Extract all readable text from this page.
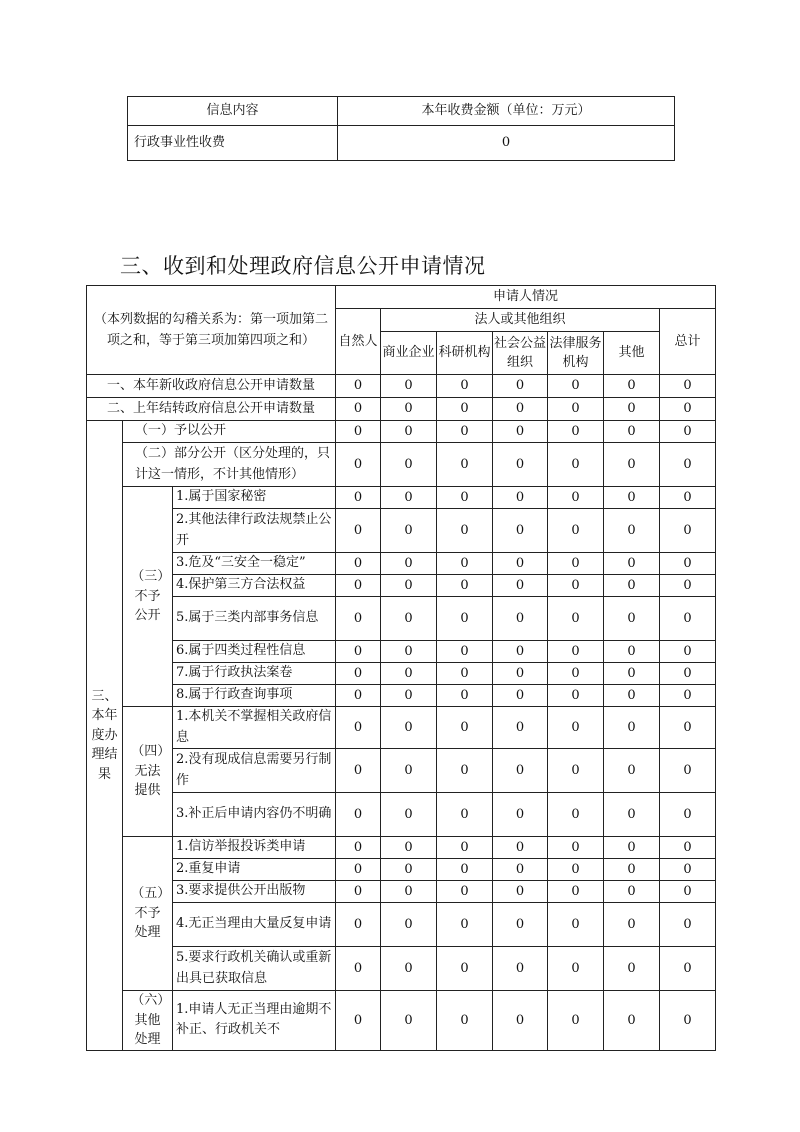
信息内容	本年收费金额（单位：万元）
行政事业性收费	0
三、收到和处理政府信息公开申请情况
（本列数据的勾稽关系为：第一项加第二项之和，等于第三项加第四项之和）			申请人情况						
			自然人	法人或其他组织					总计
				商业企业	科研机构	社会公益组织	法律服务机构	其他	
一、本年新收政府信息公开申请数量			0	0	0	0	0	0	0
二、上年结转政府信息公开申请数量			0	0	0	0	0	0	0
三、本年度办理结果	（一）予以公开		0	0	0	0	0	0	0
	（二）部分公开（区分处理的，只计这一情形，不计其他情形）		0	0	0	0	0	0	0
	（三）不予公开	1.属于国家秘密	0	0	0	0	0	0	0
		2.其他法律行政法规禁止公开	0	0	0	0	0	0	0
		3.危及“三安全一稳定”	0	0	0	0	0	0	0
		4.保护第三方合法权益	0	0	0	0	0	0	0
		5.属于三类内部事务信息	0	0	0	0	0	0	0
		6.属于四类过程性信息	0	0	0	0	0	0	0
		7.属于行政执法案卷	0	0	0	0	0	0	0
		8.属于行政查询事项	0	0	0	0	0	0	0
	（四）无法提供	1.本机关不掌握相关政府信息	0	0	0	0	0	0	0
		2.没有现成信息需要另行制作	0	0	0	0	0	0	0
		3.补正后申请内容仍不明确	0	0	0	0	0	0	0
	（五）不予处理	1.信访举报投诉类申请	0	0	0	0	0	0	0
		2.重复申请	0	0	0	0	0	0	0
		3.要求提供公开出版物	0	0	0	0	0	0	0
		4.无正当理由大量反复申请	0	0	0	0	0	0	0
		5.要求行政机关确认或重新出具已获取信息	0	0	0	0	0	0	0
	（六）其他处理	1.申请人无正当理由逾期不补正、行政机关不	0	0	0	0	0	0	0
